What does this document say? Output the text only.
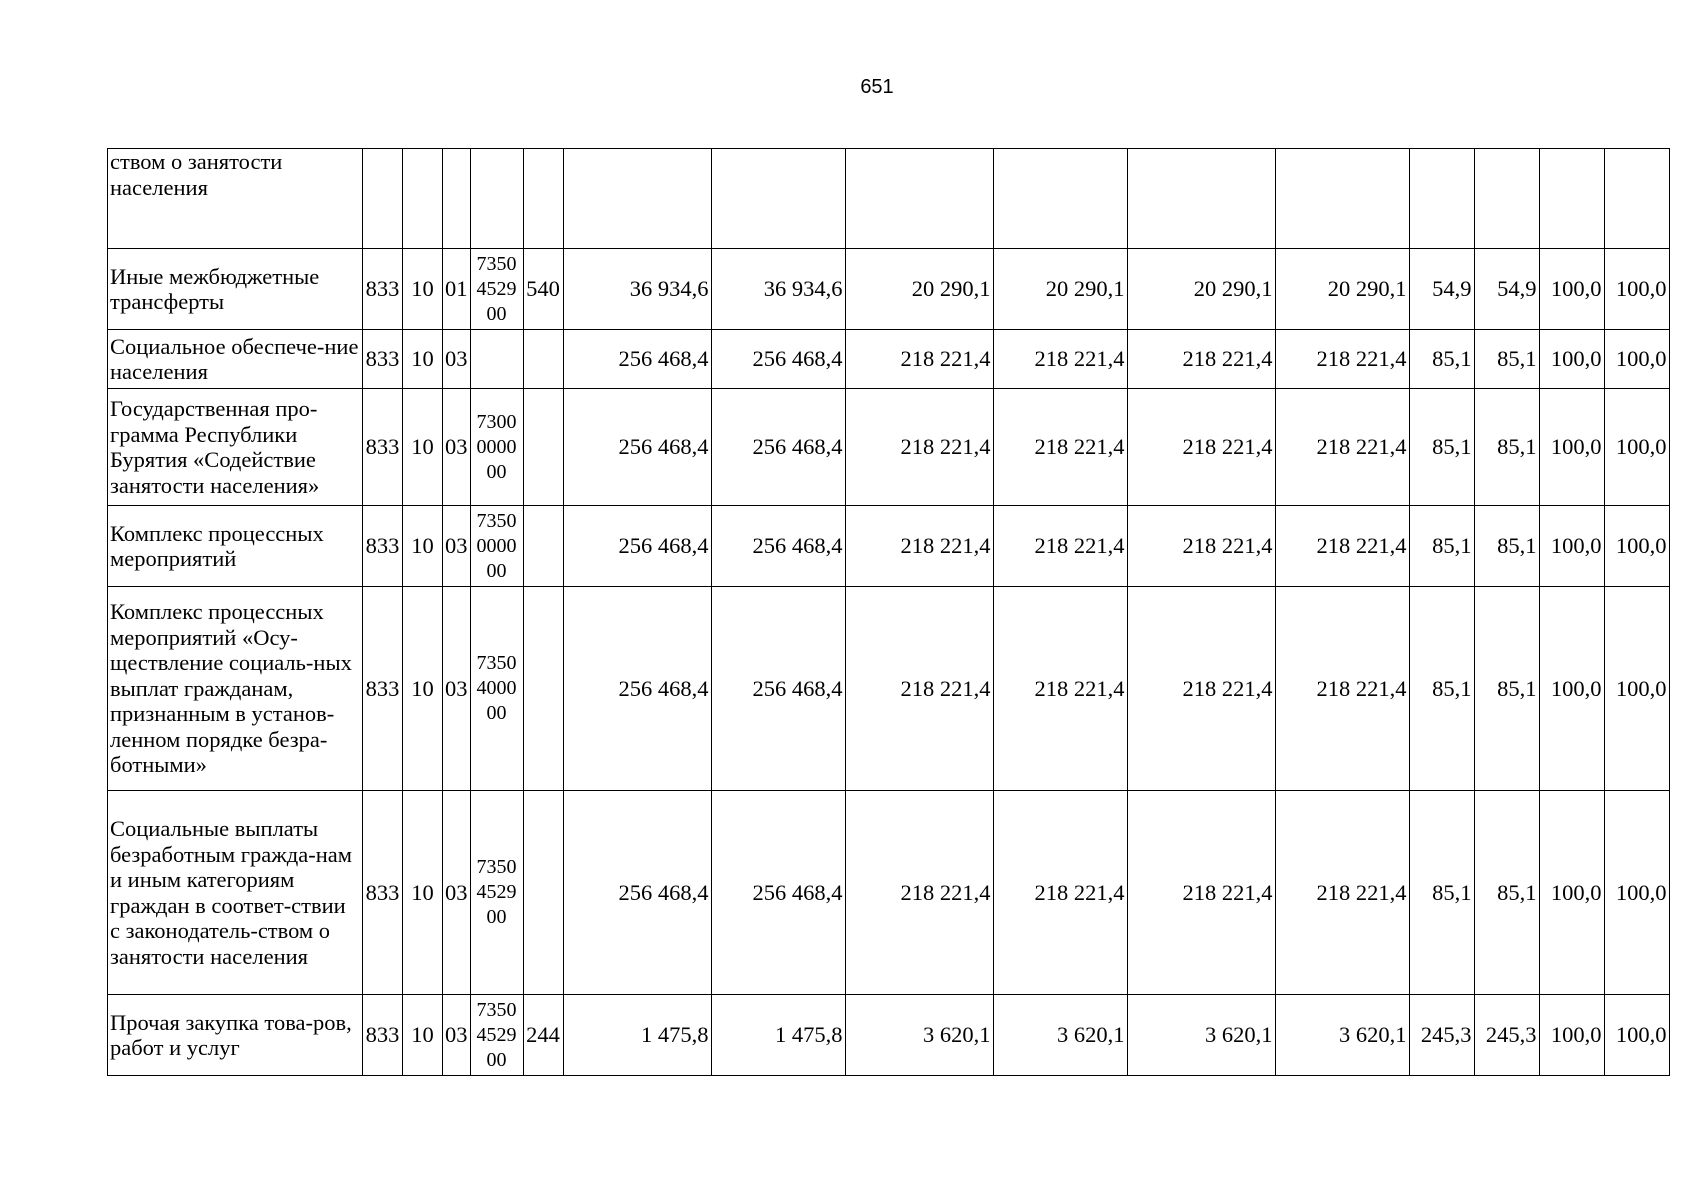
651
ством о занятости населения															
Иные межбюджетные трансферты	833	10	01	7350 4529 00	540	36 934,6	36 934,6	20 290,1	20 290,1	20 290,1	20 290,1	54,9	54,9	100,0	100,0
Социальное обеспече-ние населения	833	10	03			256 468,4	256 468,4	218 221,4	218 221,4	218 221,4	218 221,4	85,1	85,1	100,0	100,0
Государственная про-грамма Республики Бурятия «Содействие занятости населения»	833	10	03	7300 0000 00		256 468,4	256 468,4	218 221,4	218 221,4	218 221,4	218 221,4	85,1	85,1	100,0	100,0
Комплекс процессных мероприятий	833	10	03	7350 0000 00		256 468,4	256 468,4	218 221,4	218 221,4	218 221,4	218 221,4	85,1	85,1	100,0	100,0
Комплекс процессных мероприятий «Осу-ществление социаль-ных выплат гражданам, признанным в установ-ленном порядке безра-ботными»	833	10	03	7350 4000 00		256 468,4	256 468,4	218 221,4	218 221,4	218 221,4	218 221,4	85,1	85,1	100,0	100,0
Социальные выплаты безработным гражда-нам и иным категориям граждан в соответ-ствии с законодатель-ством о занятости населения	833	10	03	7350 4529 00		256 468,4	256 468,4	218 221,4	218 221,4	218 221,4	218 221,4	85,1	85,1	100,0	100,0
Прочая закупка това-ров, работ и услуг	833	10	03	7350 4529 00	244	1 475,8	1 475,8	3 620,1	3 620,1	3 620,1	3 620,1	245,3	245,3	100,0	100,0
